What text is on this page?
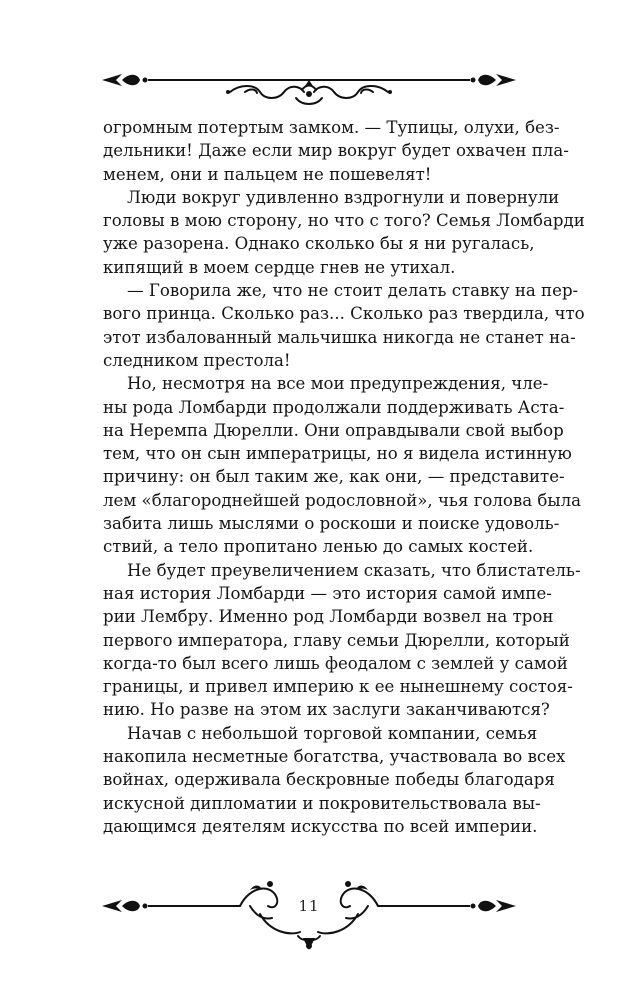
огромным потертым замком. — Тупицы, олухи, без-
дельники! Даже если мир вокруг будет охвачен пла-
менем, они и пальцем не пошевелят!
Люди вокруг удивленно вздрогнули и повернули
головы в мою сторону, но что с того? Семья Ломбарди
уже разорена. Однако сколько бы я ни ругалась,
кипящий в моем сердце гнев не утихал.
— Говорила же, что не стоит делать ставку на пер-
вого принца. Сколько раз... Сколько раз твердила, что
этот избалованный мальчишка никогда не станет на-
следником престола!
Но, несмотря на все мои предупреждения, чле-
ны рода Ломбарди продолжали поддерживать Аста-
на Неремпа Дюрелли. Они оправдывали свой выбор
тем, что он сын императрицы, но я видела истинную
причину: он был таким же, как они, — представите-
лем «благороднейшей родословной», чья голова была
забита лишь мыслями о роскоши и поиске удоволь-
ствий, а тело пропитано ленью до самых костей.
Не будет преувеличением сказать, что блистатель-
ная история Ломбарди — это история самой импе-
рии Лембру. Именно род Ломбарди возвел на трон
первого императора, главу семьи Дюрелли, который
когда-то был всего лишь феодалом с землей у самой
границы, и привел империю к ее нынешнему состоя-
нию. Но разве на этом их заслуги заканчиваются?
Начав с небольшой торговой компании, семья
накопила несметные богатства, участвовала во всех
войнах, одерживала бескровные победы благодаря
искусной дипломатии и покровительствовала вы-
дающимся деятелям искусства по всей империи.
11
